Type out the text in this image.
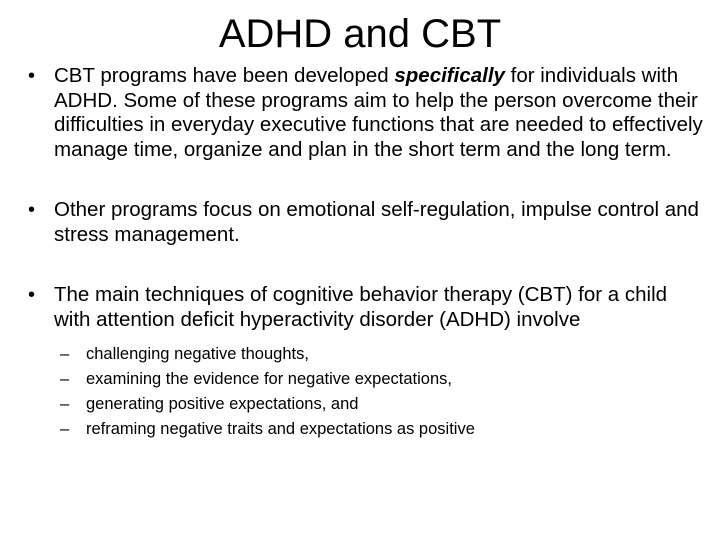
ADHD and CBT
• CBT programs have been developed specifically for individuals with ADHD. Some of these programs aim to help the person overcome their difficulties in everyday executive functions that are needed to effectively manage time, organize and plan in the short term and the long term.
• Other programs focus on emotional self-regulation, impulse control and stress management.
• The main techniques of cognitive behavior therapy (CBT) for a child with attention deficit hyperactivity disorder (ADHD) involve
– challenging negative thoughts,
– examining the evidence for negative expectations,
– generating positive expectations, and
– reframing negative traits and expectations as positive
